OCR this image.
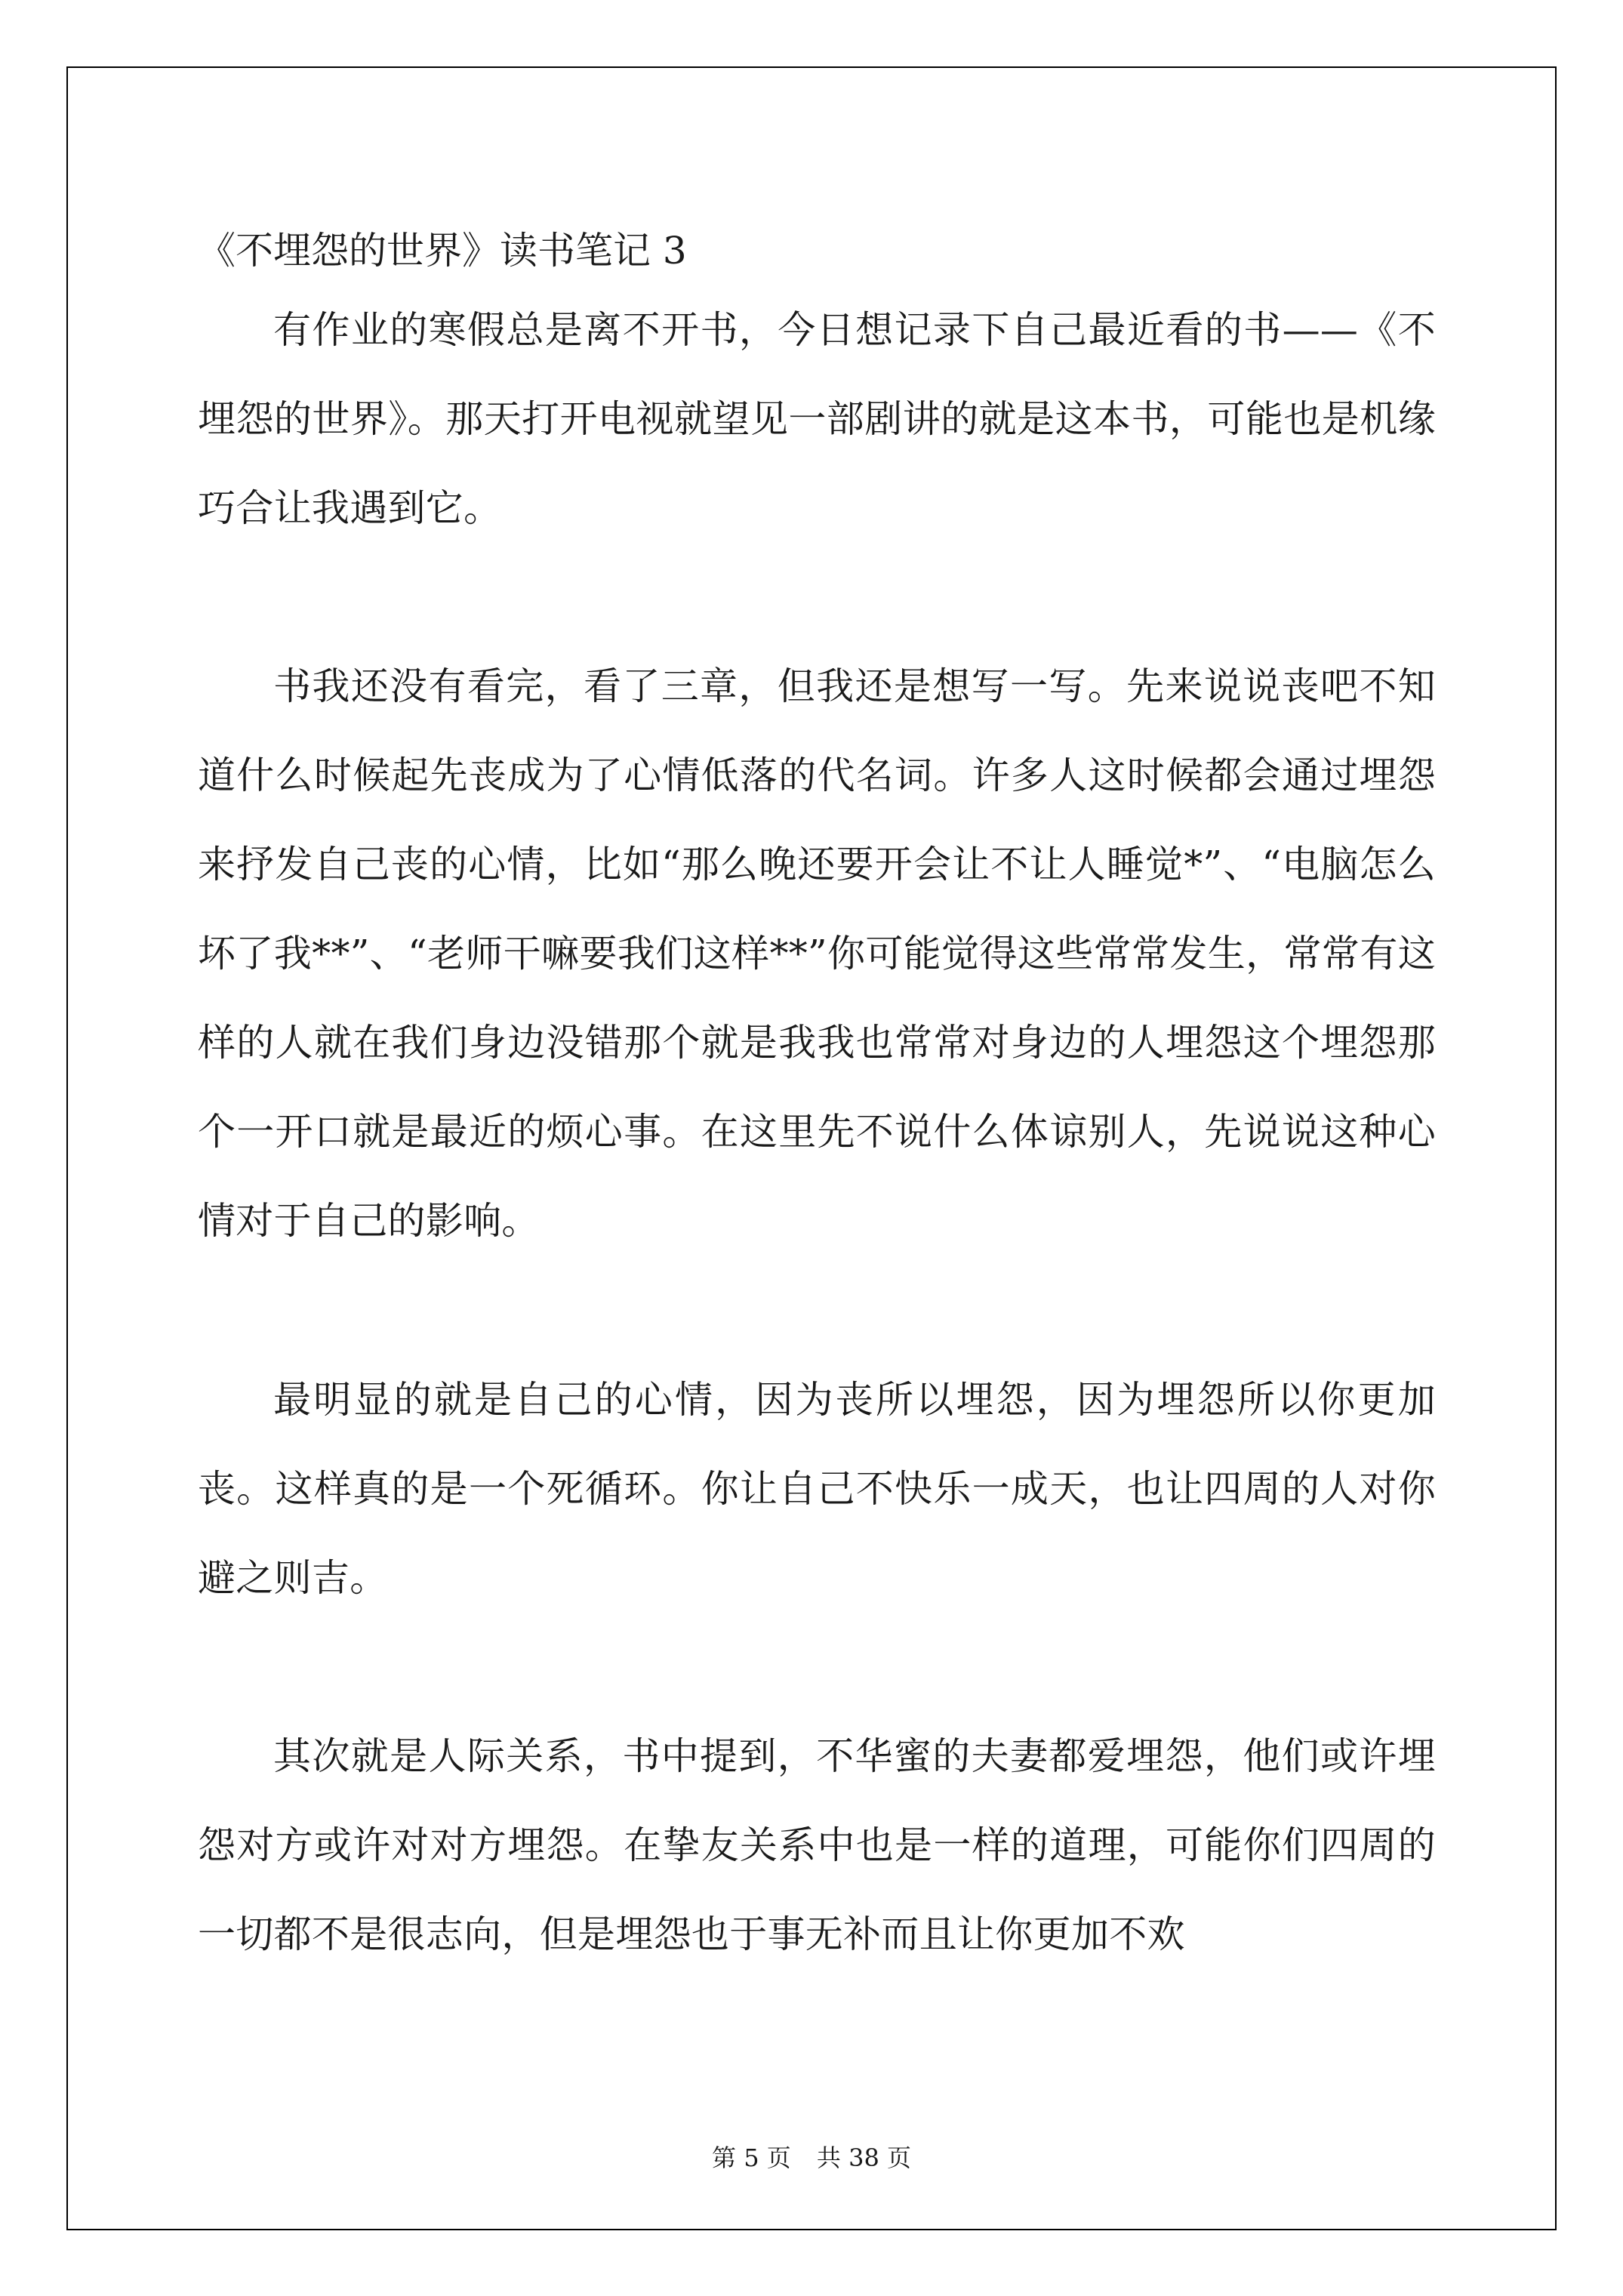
《不埋怨的世界》读书笔记 3

有作业的寒假总是离不开书，今日想记录下自己最近看的书——《不埋怨的世界》。那天打开电视就望见一部剧讲的就是这本书，可能也是机缘巧合让我遇到它。

书我还没有看完，看了三章，但我还是想写一写。先来说说丧吧不知道什么时候起先丧成为了心情低落的代名词。许多人这时候都会通过埋怨来抒发自己丧的心情，比如“那么晚还要开会让不让人睡觉*”、“电脑怎么坏了我**”、“老师干嘛要我们这样**”你可能觉得这些常常发生，常常有这样的人就在我们身边没错那个就是我我也常常对身边的人埋怨这个埋怨那个一开口就是最近的烦心事。在这里先不说什么体谅别人，先说说这种心情对于自己的影响。

最明显的就是自己的心情，因为丧所以埋怨，因为埋怨所以你更加丧。这样真的是一个死循环。你让自己不快乐一成天，也让四周的人对你避之则吉。

其次就是人际关系，书中提到，不华蜜的夫妻都爱埋怨，他们或许埋怨对方或许对对方埋怨。在挚友关系中也是一样的道理，可能你们四周的一切都不是很志向，但是埋怨也于事无补而且让你更加不欢

第 5 页 共 38 页
